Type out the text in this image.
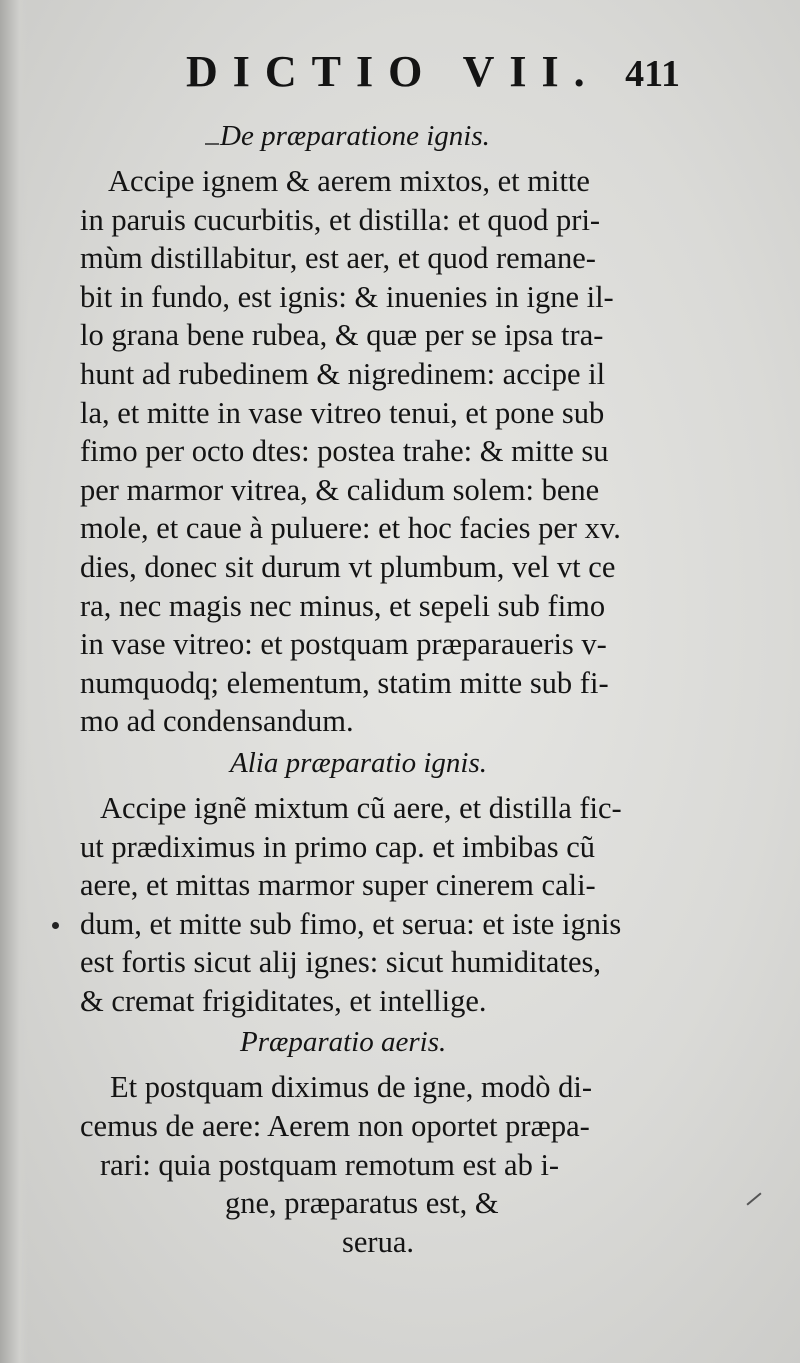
DICTIO VII. 411
De præparatione ignis.
Accipe ignem & aerem mixtos, et mitte
in paruis cucurbitis, et distilla: et quod pri-
mùm distillabitur, est aer, et quod remane-
bit in fundo, est ignis: & inuenies in igne il-
lo grana bene rubea, & quæ per se ipsa tra-
hunt ad rubedinem & nigredinem: accipe il
la, et mitte in vase vitreo tenui, et pone sub
fimo per octo dtes: postea trahe: & mitte su
per marmor vitrea, & calidum solem: bene
mole, et caue à puluere: et hoc facies per xv.
dies, donec sit durum vt plumbum, vel vt ce
ra, nec magis nec minus, et sepeli sub fimo
in vase vitreo: et postquam præparaueris v-
numquodq; elementum, statim mitte sub fi-
mo ad condensandum.
Alia præparatio ignis.
Accipe ignẽ mixtum cũ aere, et distilla fic-
ut prædiximus in primo cap. et imbibas cũ
aere, et mittas marmor super cinerem cali-
dum, et mitte sub fimo, et serua: et iste ignis
est fortis sicut alij ignes: sicut humiditates,
& cremat frigiditates, et intellige.
Præparatio aeris.
Et postquam diximus de igne, modò di-
cemus de aere: Aerem non oportet præpa-
rari: quia postquam remotum est ab i-
gne, præparatus est, &
serua.
